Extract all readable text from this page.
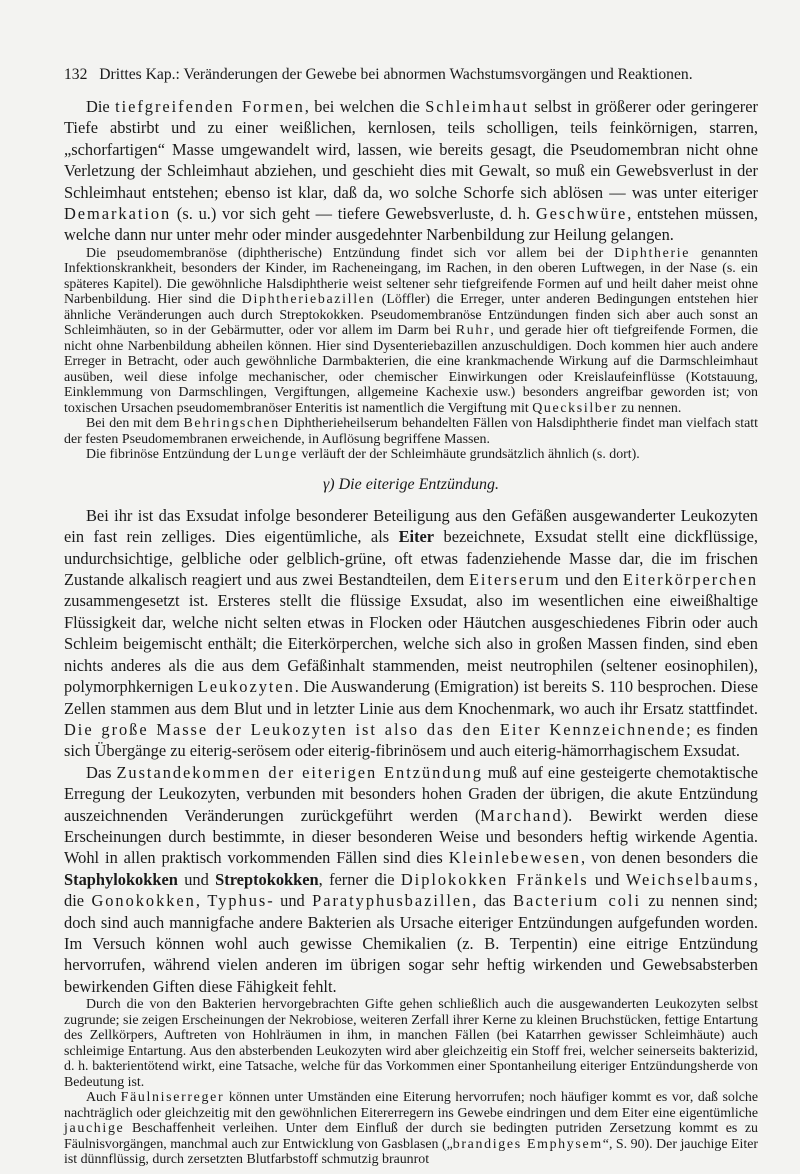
132 Drittes Kap.: Veränderungen der Gewebe bei abnormen Wachstumsvorgängen und Reaktionen.

Die tiefgreifenden Formen, bei welchen die Schleimhaut selbst in größerer oder geringerer Tiefe abstirbt und zu einer weißlichen, kernlosen, teils scholligen, teils feinkörnigen, starren, „schorfartigen“ Masse umgewandelt wird, lassen, wie bereits gesagt, die Pseudomembran nicht ohne Verletzung der Schleimhaut abziehen, und geschieht dies mit Gewalt, so muß ein Gewebsverlust in der Schleimhaut entstehen; ebenso ist klar, daß da, wo solche Schorfe sich ablösen — was unter eiteriger Demarkation (s. u.) vor sich geht — tiefere Gewebsverluste, d. h. Geschwüre, entstehen müssen, welche dann nur unter mehr oder minder ausgedehnter Narbenbildung zur Heilung gelangen.

Die pseudomembranöse (diphtherische) Entzündung findet sich vor allem bei der Diphtherie genannten Infektionskrankheit, besonders der Kinder, im Racheneingang, im Rachen, in den oberen Luftwegen, in der Nase (s. ein späteres Kapitel). Die gewöhnliche Halsdiphtherie weist seltener sehr tiefgreifende Formen auf und heilt daher meist ohne Narbenbildung. Hier sind die Diphtheriebazillen (Löffler) die Erreger, unter anderen Bedingungen entstehen hier ähnliche Veränderungen auch durch Streptokokken. Pseudomembranöse Entzündungen finden sich aber auch sonst an Schleimhäuten, so in der Gebärmutter, oder vor allem im Darm bei Ruhr, und gerade hier oft tiefgreifende Formen, die nicht ohne Narbenbildung abheilen können. Hier sind Dysenteriebazillen anzuschuldigen. Doch kommen hier auch andere Erreger in Betracht, oder auch gewöhnliche Darmbakterien, die eine krankmachende Wirkung auf die Darmschleimhaut ausüben, weil diese infolge mechanischer, oder chemischer Einwirkungen oder Kreislaufeinflüsse (Kotstauung, Einklemmung von Darmschlingen, Vergiftungen, allgemeine Kachexie usw.) besonders angreifbar geworden ist; von toxischen Ursachen pseudomembranöser Enteritis ist namentlich die Vergiftung mit Quecksilber zu nennen.

Bei den mit dem Behringschen Diphtherieheilserum behandelten Fällen von Halsdiphtherie findet man vielfach statt der festen Pseudomembranen erweichende, in Auflösung begriffene Massen.

Die fibrinöse Entzündung der Lunge verläuft der der Schleimhäute grundsätzlich ähnlich (s. dort).

γ) Die eiterige Entzündung.

Bei ihr ist das Exsudat infolge besonderer Beteiligung aus den Gefäßen ausgewanderter Leukozyten ein fast rein zelliges. Dies eigentümliche, als Eiter bezeichnete, Exsudat stellt eine dickflüssige, undurchsichtige, gelbliche oder gelblich-grüne, oft etwas fadenziehende Masse dar, die im frischen Zustande alkalisch reagiert und aus zwei Bestandteilen, dem Eiterserum und den Eiterkörperchen zusammengesetzt ist. Ersteres stellt die flüssige Exsudat, also im wesentlichen eine eiweißhaltige Flüssigkeit dar, welche nicht selten etwas in Flocken oder Häutchen ausgeschiedenes Fibrin oder auch Schleim beigemischt enthält; die Eiterkörperchen, welche sich also in großen Massen finden, sind eben nichts anderes als die aus dem Gefäßinhalt stammenden, meist neutrophilen (seltener eosinophilen), polymorphkernigen Leukozyten. Die Auswanderung (Emigration) ist bereits S. 110 besprochen. Diese Zellen stammen aus dem Blut und in letzter Linie aus dem Knochenmark, wo auch ihr Ersatz stattfindet. Die große Masse der Leukozyten ist also das den Eiter Kennzeichnende; es finden sich Übergänge zu eiterig-serösem oder eiterig-fibrinösem und auch eiterig-hämorrhagischem Exsudat.

Das Zustandekommen der eiterigen Entzündung muß auf eine gesteigerte chemotaktische Erregung der Leukozyten, verbunden mit besonders hohen Graden der übrigen, die akute Entzündung auszeichnenden Veränderungen zurückgeführt werden (Marchand). Bewirkt werden diese Erscheinungen durch bestimmte, in dieser besonderen Weise und besonders heftig wirkende Agentia. Wohl in allen praktisch vorkommenden Fällen sind dies Kleinlebewesen, von denen besonders die Staphylokokken und Streptokokken, ferner die Diplokokken Fränkels und Weichselbaums, die Gonokokken, Typhus- und Paratyphusbazillen, das Bacterium coli zu nennen sind; doch sind auch mannigfache andere Bakterien als Ursache eiteriger Entzündungen aufgefunden worden. Im Versuch können wohl auch gewisse Chemikalien (z. B. Terpentin) eine eitrige Entzündung hervorrufen, während vielen anderen im übrigen sogar sehr heftig wirkenden und Gewebsabsterben bewirkenden Giften diese Fähigkeit fehlt.

Durch die von den Bakterien hervorgebrachten Gifte gehen schließlich auch die ausgewanderten Leukozyten selbst zugrunde; sie zeigen Erscheinungen der Nekrobiose, weiteren Zerfall ihrer Kerne zu kleinen Bruchstücken, fettige Entartung des Zellkörpers, Auftreten von Hohlräumen in ihm, in manchen Fällen (bei Katarrhen gewisser Schleimhäute) auch schleimige Entartung. Aus den absterbenden Leukozyten wird aber gleichzeitig ein Stoff frei, welcher seinerseits bakterizid, d. h. bakterientötend wirkt, eine Tatsache, welche für das Vorkommen einer Spontanheilung eiteriger Entzündungsherde von Bedeutung ist.

Auch Fäulniserreger können unter Umständen eine Eiterung hervorrufen; noch häufiger kommt es vor, daß solche nachträglich oder gleichzeitig mit den gewöhnlichen Eitererregern ins Gewebe eindringen und dem Eiter eine eigentümliche jauchige Beschaffenheit verleihen. Unter dem Einfluß der durch sie bedingten putriden Zersetzung kommt es zu Fäulnisvorgängen, manchmal auch zur Entwicklung von Gasblasen („brandiges Emphysem“, S. 90). Der jauchige Eiter ist dünnflüssig, durch zersetzten Blutfarbstoff schmutzig braunrot
